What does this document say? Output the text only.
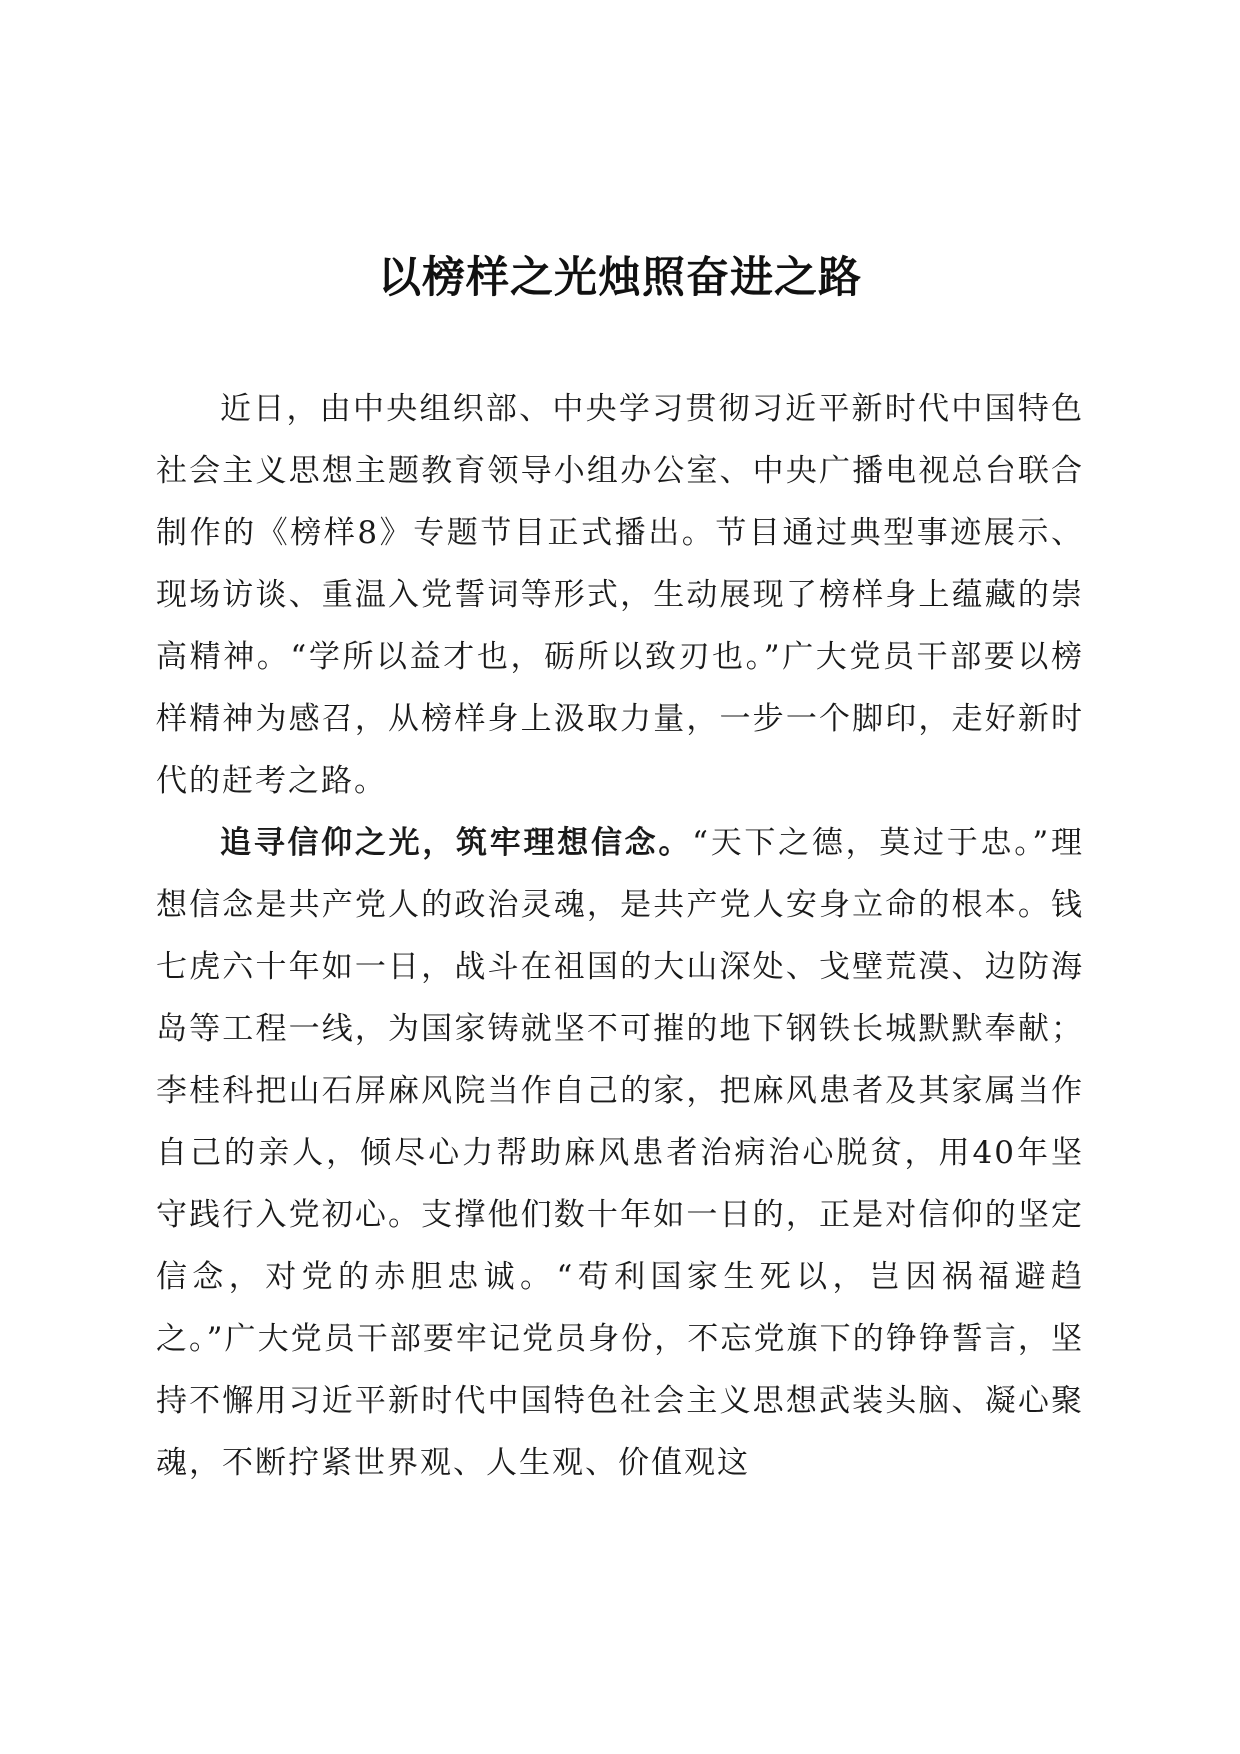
以榜样之光烛照奋进之路

近日，由中央组织部、中央学习贯彻习近平新时代中国特色社会主义思想主题教育领导小组办公室、中央广播电视总台联合制作的《榜样8》专题节目正式播出。节目通过典型事迹展示、现场访谈、重温入党誓词等形式，生动展现了榜样身上蕴藏的崇高精神。“学所以益才也，砺所以致刃也。”广大党员干部要以榜样精神为感召，从榜样身上汲取力量，一步一个脚印，走好新时代的赶考之路。

追寻信仰之光，筑牢理想信念。“天下之德，莫过于忠。”理想信念是共产党人的政治灵魂，是共产党人安身立命的根本。钱七虎六十年如一日，战斗在祖国的大山深处、戈壁荒漠、边防海岛等工程一线，为国家铸就坚不可摧的地下钢铁长城默默奉献；李桂科把山石屏麻风院当作自己的家，把麻风患者及其家属当作自己的亲人，倾尽心力帮助麻风患者治病治心脱贫，用40年坚守践行入党初心。支撑他们数十年如一日的，正是对信仰的坚定信念，对党的赤胆忠诚。“苟利国家生死以，岂因祸福避趋之。”广大党员干部要牢记党员身份，不忘党旗下的铮铮誓言，坚持不懈用习近平新时代中国特色社会主义思想武装头脑、凝心聚魂，不断拧紧世界观、人生观、价值观这
